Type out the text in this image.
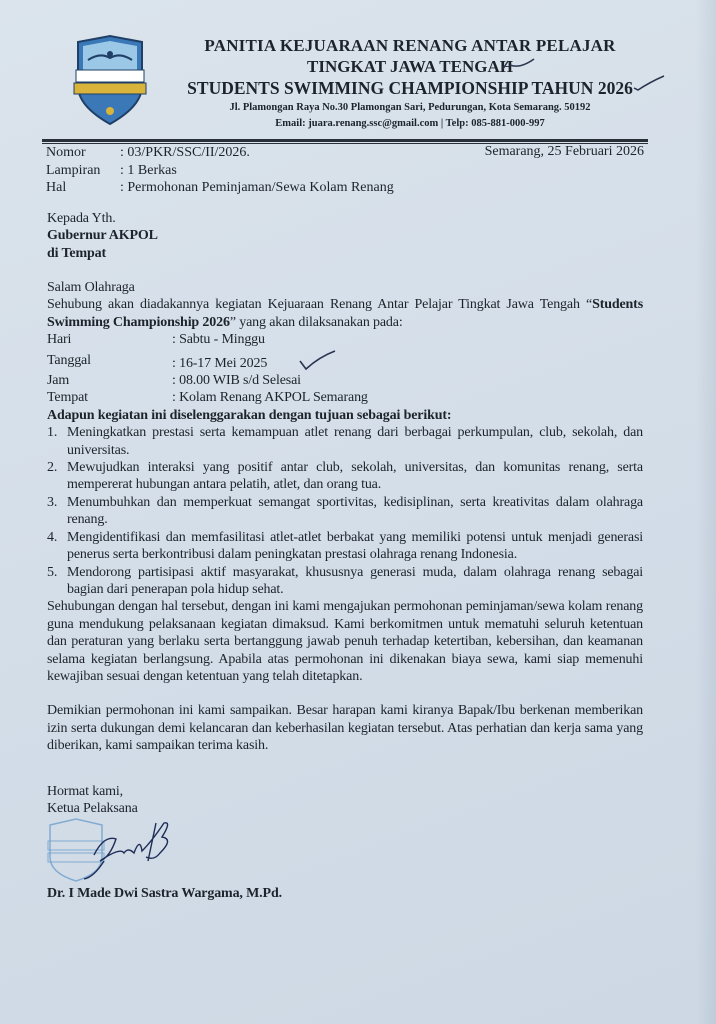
PANITIA KEJUARAAN RENANG ANTAR PELAJAR
TINGKAT JAWA TENGAH
STUDENTS SWIMMING CHAMPIONSHIP TAHUN 2026
Jl. Plamongan Raya No.30 Plamongan Sari, Pedurungan, Kota Semarang. 50192
Email: juara.renang.ssc@gmail.com | Telp: 085-881-000-997
Nomor	: 03/PKR/SSC/II/2026.
Lampiran	: 1 Berkas
Hal	: Permohonan Peminjaman/Sewa Kolam Renang
Semarang, 25 Februari 2026
Kepada Yth.
Gubernur AKPOL
di Tempat
Salam Olahraga
Sehubung akan diadakannya kegiatan Kejuaraan Renang Antar Pelajar Tingkat Jawa Tengah “Students Swimming Championship 2026” yang akan dilaksanakan pada:
Hari	: Sabtu - Minggu
Tanggal	: 16-17 Mei 2025
Jam	: 08.00 WIB s/d Selesai
Tempat	: Kolam Renang AKPOL Semarang
Adapun kegiatan ini diselenggarakan dengan tujuan sebagai berikut:
1. Meningkatkan prestasi serta kemampuan atlet renang dari berbagai perkumpulan, club, sekolah, dan universitas.
2. Mewujudkan interaksi yang positif antar club, sekolah, universitas, dan komunitas renang, serta mempererat hubungan antara pelatih, atlet, dan orang tua.
3. Menumbuhkan dan memperkuat semangat sportivitas, kedisiplinan, serta kreativitas dalam olahraga renang.
4. Mengidentifikasi dan memfasilitasi atlet-atlet berbakat yang memiliki potensi untuk menjadi generasi penerus serta berkontribusi dalam peningkatan prestasi olahraga renang Indonesia.
5. Mendorong partisipasi aktif masyarakat, khususnya generasi muda, dalam olahraga renang sebagai bagian dari penerapan pola hidup sehat.
Sehubungan dengan hal tersebut, dengan ini kami mengajukan permohonan peminjaman/sewa kolam renang guna mendukung pelaksanaan kegiatan dimaksud. Kami berkomitmen untuk mematuhi seluruh ketentuan dan peraturan yang berlaku serta bertanggung jawab penuh terhadap ketertiban, kebersihan, dan keamanan selama kegiatan berlangsung. Apabila atas permohonan ini dikenakan biaya sewa, kami siap memenuhi kewajiban sesuai dengan ketentuan yang telah ditetapkan.
Demikian permohonan ini kami sampaikan. Besar harapan kami kiranya Bapak/Ibu berkenan memberikan izin serta dukungan demi kelancaran dan keberhasilan kegiatan tersebut. Atas perhatian dan kerja sama yang diberikan, kami sampaikan terima kasih.
Hormat kami,
Ketua Pelaksana
Dr. I Made Dwi Sastra Wargama, M.Pd.
